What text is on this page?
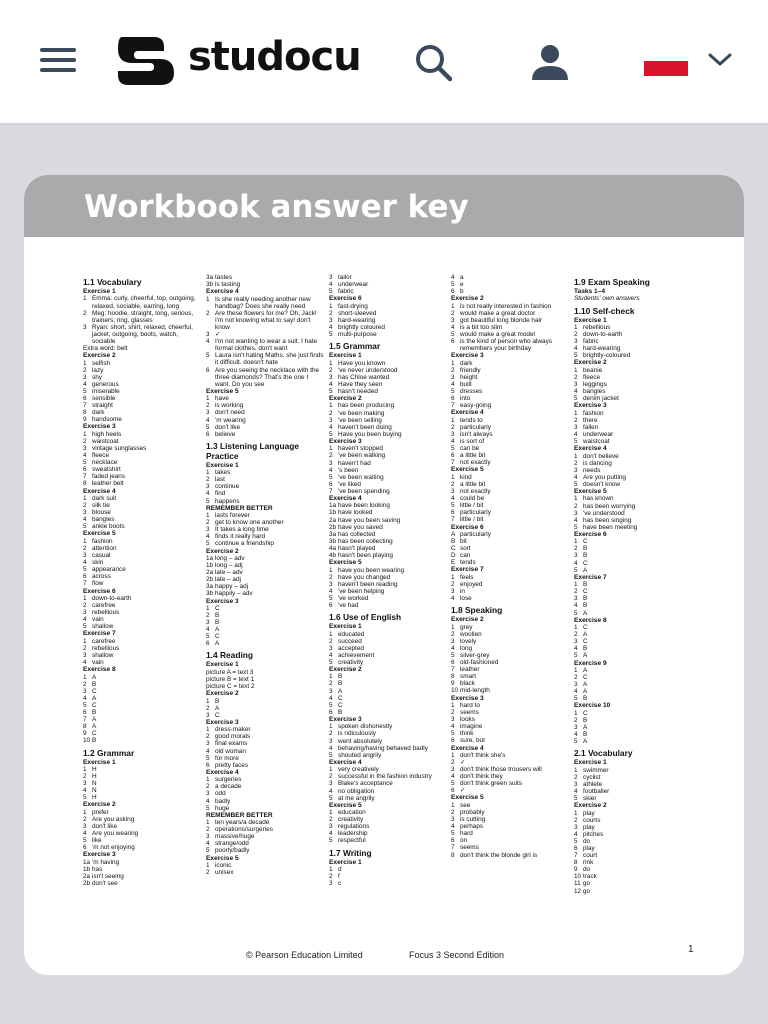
studocu
Workbook answer key
1.1 Vocabulary
Exercise 1
1 Emma: curly, cheerful, top, outgoing, relaxed, sociable, earring, long
2 Meg: hoodie, straight, long, serious, trainers, ring, glasses
3 Ryan: short, shirt, relaxed, cheerful, jacket, outgoing, boots, watch, sociable
Extra word: belt
Exercise 2
1 selfish
2 lazy
3 shy
4 generous
5 miserable
6 sensible
7 straight
8 dark
9 handsome
Exercise 3
1 high heels
2 waistcoat
3 vintage sunglasses
4 fleece
5 necklace
6 sweatshirt
7 faded jeans
8 leather belt
Exercise 4
1 dark suit
2 silk tie
3 blouse
4 bangles
5 ankle boots
Exercise 5
1 fashion
2 attention
3 casual
4 skin
5 appearance
6 across
7 flow
Exercise 6
1 down-to-earth
2 carefree
3 rebellious
4 vain
5 shallow
Exercise 7
1 carefree
2 rebellious
3 shallow
4 vain
Exercise 8
1 A
2 B
3 C
4 A
5 C
6 B
7 A
8 A
9 C
10 B
1.2 Grammar
Exercise 1
1 H
2 H
3 N
4 N
5 H
Exercise 2
1 prefer
2 Are you asking
3 don't like
4 Are you wearing
5 like
6 'm not enjoying
Exercise 3
1a 'm having
1b has
2a isn't seeing
2b don't see
3a tastes
3b is tasting
Exercise 4
1 Is she really needing another new handbag? Does she really need
2 Are these flowers for me? Oh, Jack! I'm not knowing what to say! don't know
3 ✓
4 I'm not wanting to wear a suit. I hate formal clothes. don't want
5 Laura isn't hating Maths, she just finds it difficult. doesn't hate
6 Are you seeing the necklace with the three diamonds? That's the one I want. Do you see
Exercise 5
1 have
2 is working
3 don't need
4 'm wearing
5 don't like
6 believe
1.3 Listening Language Practice
Exercise 1
1 takes
2 last
3 continue
4 find
5 happens
REMEMBER BETTER
1 lasts forever
2 get to know one another
3 It takes a long time
4 finds it really hard
5 continue a friendship
Exercise 2
1a long – adv
1b long – adj
2a late – adv
2b late – adj
3a happy – adj
3b happily – adv
Exercise 3
1 C
2 B
3 B
4 A
5 C
6 A
1.4 Reading
Exercise 1
picture A = text 3
picture B = text 1
picture C = text 2
Exercise 2
1 B
2 A
3 C
Exercise 3
1 dress-maker
2 good morals
3 final exams
4 old woman
5 for more
6 pretty faces
Exercise 4
1 surgeries
2 a decade
3 odd
4 badly
5 huge
REMEMBER BETTER
1 ten years/a decade
2 operations/surgeries
3 massive/huge
4 strange/odd
5 poorly/badly
Exercise 5
1 iconic
2 unisex
3 tailor
4 underwear
5 fabric
Exercise 6
1 fast-drying
2 short-sleeved
3 hard-wearing
4 brightly coloured
5 multi-purpose
1.5 Grammar
Exercise 1
1 Have you known
2 've never understood
3 has Chloe wanted
4 Have they seen
5 hasn't needed
Exercise 2
1 has been producing
2 've been making
3 've been selling
4 haven't been doing
5 Have you been buying
Exercise 3
1 haven't stopped
2 've been walking
3 haven't had
4 's been
5 've been waiting
6 've liked
7 've been spending
Exercise 4
1a have been looking
1b have looked
2a have you been saving
2b have you saved
3a has collected
3b has been collecting
4a hasn't played
4b hasn't been playing
Exercise 5
1 have you been wearing
2 have you changed
3 haven't been reading
4 've been helping
5 've worked
6 've had
1.6 Use of English
Exercise 1
1 educated
2 succeed
3 accepted
4 achievement
5 creativity
Exercise 2
1 B
2 B
3 A
4 C
5 C
6 B
Exercise 3
1 spoken dishonestly
2 is ridiculously
3 went absolutely
4 behaving/having behaved badly
5 shouted angrily
Exercise 4
1 very creatively
2 successful in the fashion industry
3 Blake's acceptance
4 no obligation
5 at me angrily
Exercise 5
1 education
2 creativity
3 regulations
4 leadership
5 respectful
1.7 Writing
Exercise 1
1 d
2 f
3 c
4 a
5 e
6 b
Exercise 2
1 is not really interested in fashion
2 would make a great doctor
3 got beautiful long blonde hair
4 is a bit too slim
5 would make a great model
6 is the kind of person who always remembers your birthday
Exercise 3
1 dark
2 friendly
3 height
4 built
5 dresses
6 into
7 easy-going
Exercise 4
1 tends to
2 particularly
3 isn't always
4 is sort of
5 can be
6 a little bit
7 not exactly
Exercise 5
1 kind
2 a little bit
3 not exactly
4 could be
5 little / bit
6 particularly
7 little / bit
Exercise 6
A particularly
B bit
C sort
D can
E tends
Exercise 7
1 feels
2 enjoyed
3 in
4 lose
1.8 Speaking
Exercise 2
1 grey
2 woollen
3 lovely
4 long
5 silver-grey
6 old-fashioned
7 leather
8 smart
9 black
10 mid-length
Exercise 3
1 hard to
2 seems
3 looks
4 imagine
5 think
6 sure, but
Exercise 4
1 don't think she's
2 ✓
3 don't think those trousers will
4 don't think they
5 don't think green suits
6 ✓
Exercise 5
1 see
2 probably
3 is cutting
4 perhaps
5 hard
6 on
7 seems
8 don't think the blonde girl is
1.9 Exam Speaking
Tasks 1–4
Students' own answers
1.10 Self-check
Exercise 1
1 rebellious
2 down-to-earth
3 fabric
4 hard-wearing
5 brightly-coloured
Exercise 2
1 beanie
2 fleece
3 leggings
4 bangles
5 denim jacket
Exercise 3
1 fashion
2 there
3 fallen
4 underwear
5 waistcoat
Exercise 4
1 don't believe
2 is dancing
3 needs
4 Are you putting
5 doesn't know
Exercise 5
1 has known
2 has been worrying
3 've understood
4 has been singing
5 have been meeting
Exercise 6
1 C
2 B
3 B
4 C
5 A
Exercise 7
1 B
2 C
3 B
4 B
5 A
Exercise 8
1 C
2 A
3 C
4 B
5 A
Exercise 9
1 A
2 C
3 A
4 A
5 B
Exercise 10
1 C
2 B
3 A
4 B
5 A
2.1 Vocabulary
Exercise 1
1 swimmer
2 cyclist
3 athlete
4 footballer
5 skier
Exercise 2
1 play
2 courts
3 play
4 pitches
5 do
6 play
7 court
8 rink
9 do
10 track
11 go
12 go
© Pearson Education Limited	Focus 3 Second Edition	1
